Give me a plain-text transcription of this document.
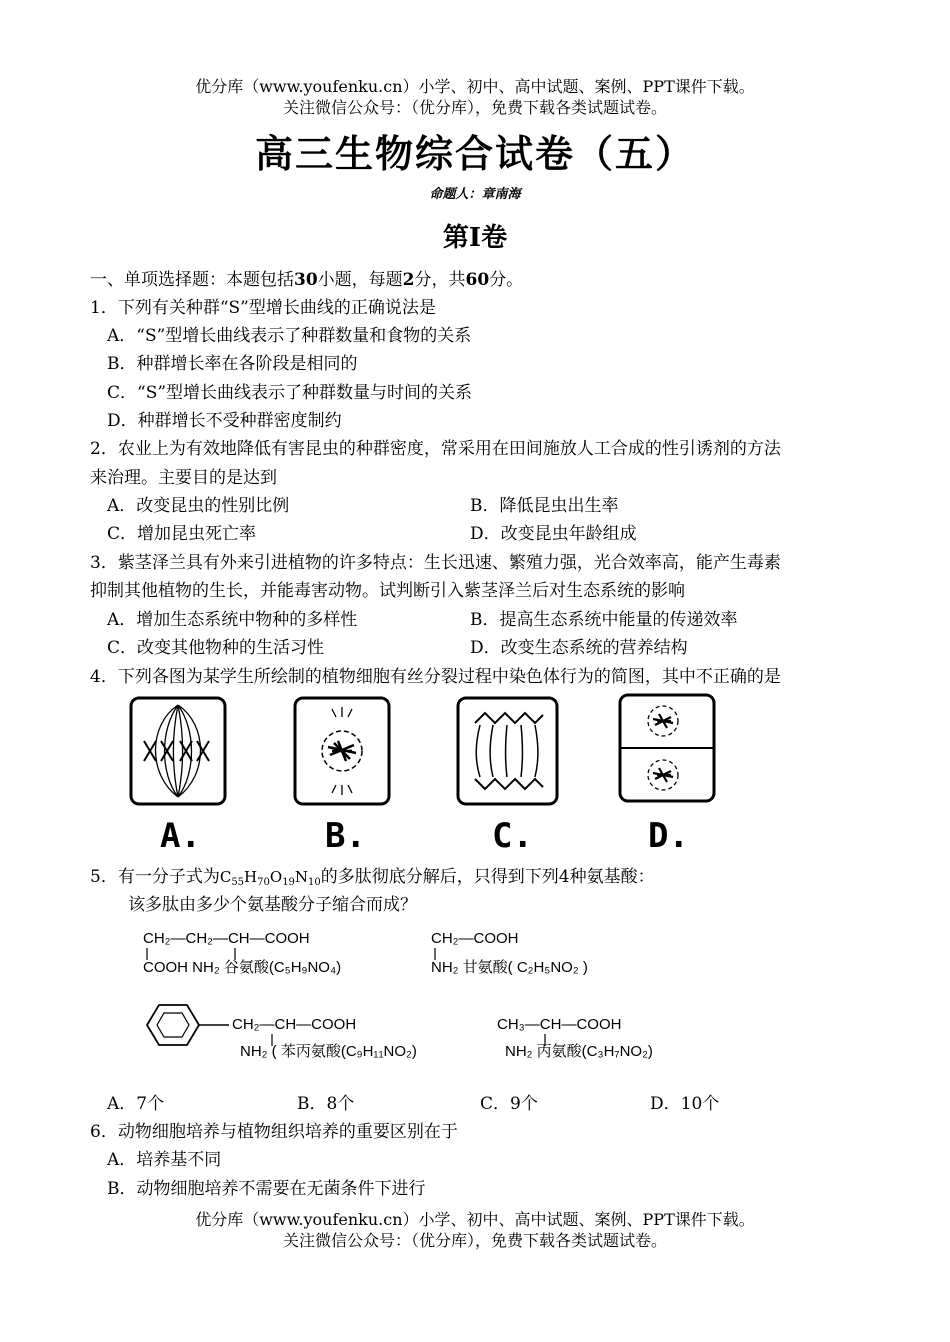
优分库（www.youfenku.cn）小学、初中、高中试题、案例、PPT课件下载。
关注微信公众号：（优分库），免费下载各类试题试卷。
高三生物综合试卷（五）
命题人：章南海
第Ⅰ卷
一、单项选择题：本题包括30小题，每题2分，共60分。
1．下列有关种群“S”型增长曲线的正确说法是
A．“S”型增长曲线表示了种群数量和食物的关系
B．种群增长率在各阶段是相同的
C．“S”型增长曲线表示了种群数量与时间的关系
D．种群增长不受种群密度制约
2．农业上为有效地降低有害昆虫的种群密度，常采用在田间施放人工合成的性引诱剂的方法
来治理。主要目的是达到
A．改变昆虫的性别比例	B．降低昆虫出生率
C．增加昆虫死亡率	D．改变昆虫年龄组成
3．紫茎泽兰具有外来引进植物的许多特点：生长迅速、繁殖力强，光合效率高，能产生毒素
抑制其他植物的生长，并能毒害动物。试判断引入紫茎泽兰后对生态系统的影响
A．增加生态系统中物种的多样性	B．提高生态系统中能量的传递效率
C．改变其他物种的生活习性	D．改变生态系统的营养结构
4．下列各图为某学生所绘制的植物细胞有丝分裂过程中染色体行为的简图，其中不正确的是
A.	B.	C.	D.
5．有一分子式为$C_{55}H_{70}O_{19}N_{10}$的多肽彻底分解后，只得到下列4种氨基酸：
该多肽由多少个氨基酸分子缩合而成？
CH₂—CH₂—CH—COOH
COOH NH₂ 谷氨酸(C₅H₉NO₄)
CH₂—COOH
NH₂ 甘氨酸( C₂H₅NO₂ )
CH₂—CH—COOH
NH₂ ( 苯丙氨酸(C₉H₁₁NO₂)
CH₃—CH—COOH
NH₂ 丙氨酸(C₃H₇NO₂)
A．7个	B．8个	C．9个	D．10个
6．动物细胞培养与植物组织培养的重要区别在于
A．培养基不同
B．动物细胞培养不需要在无菌条件下进行
优分库（www.youfenku.cn）小学、初中、高中试题、案例、PPT课件下载。
关注微信公众号：（优分库），免费下载各类试题试卷。
